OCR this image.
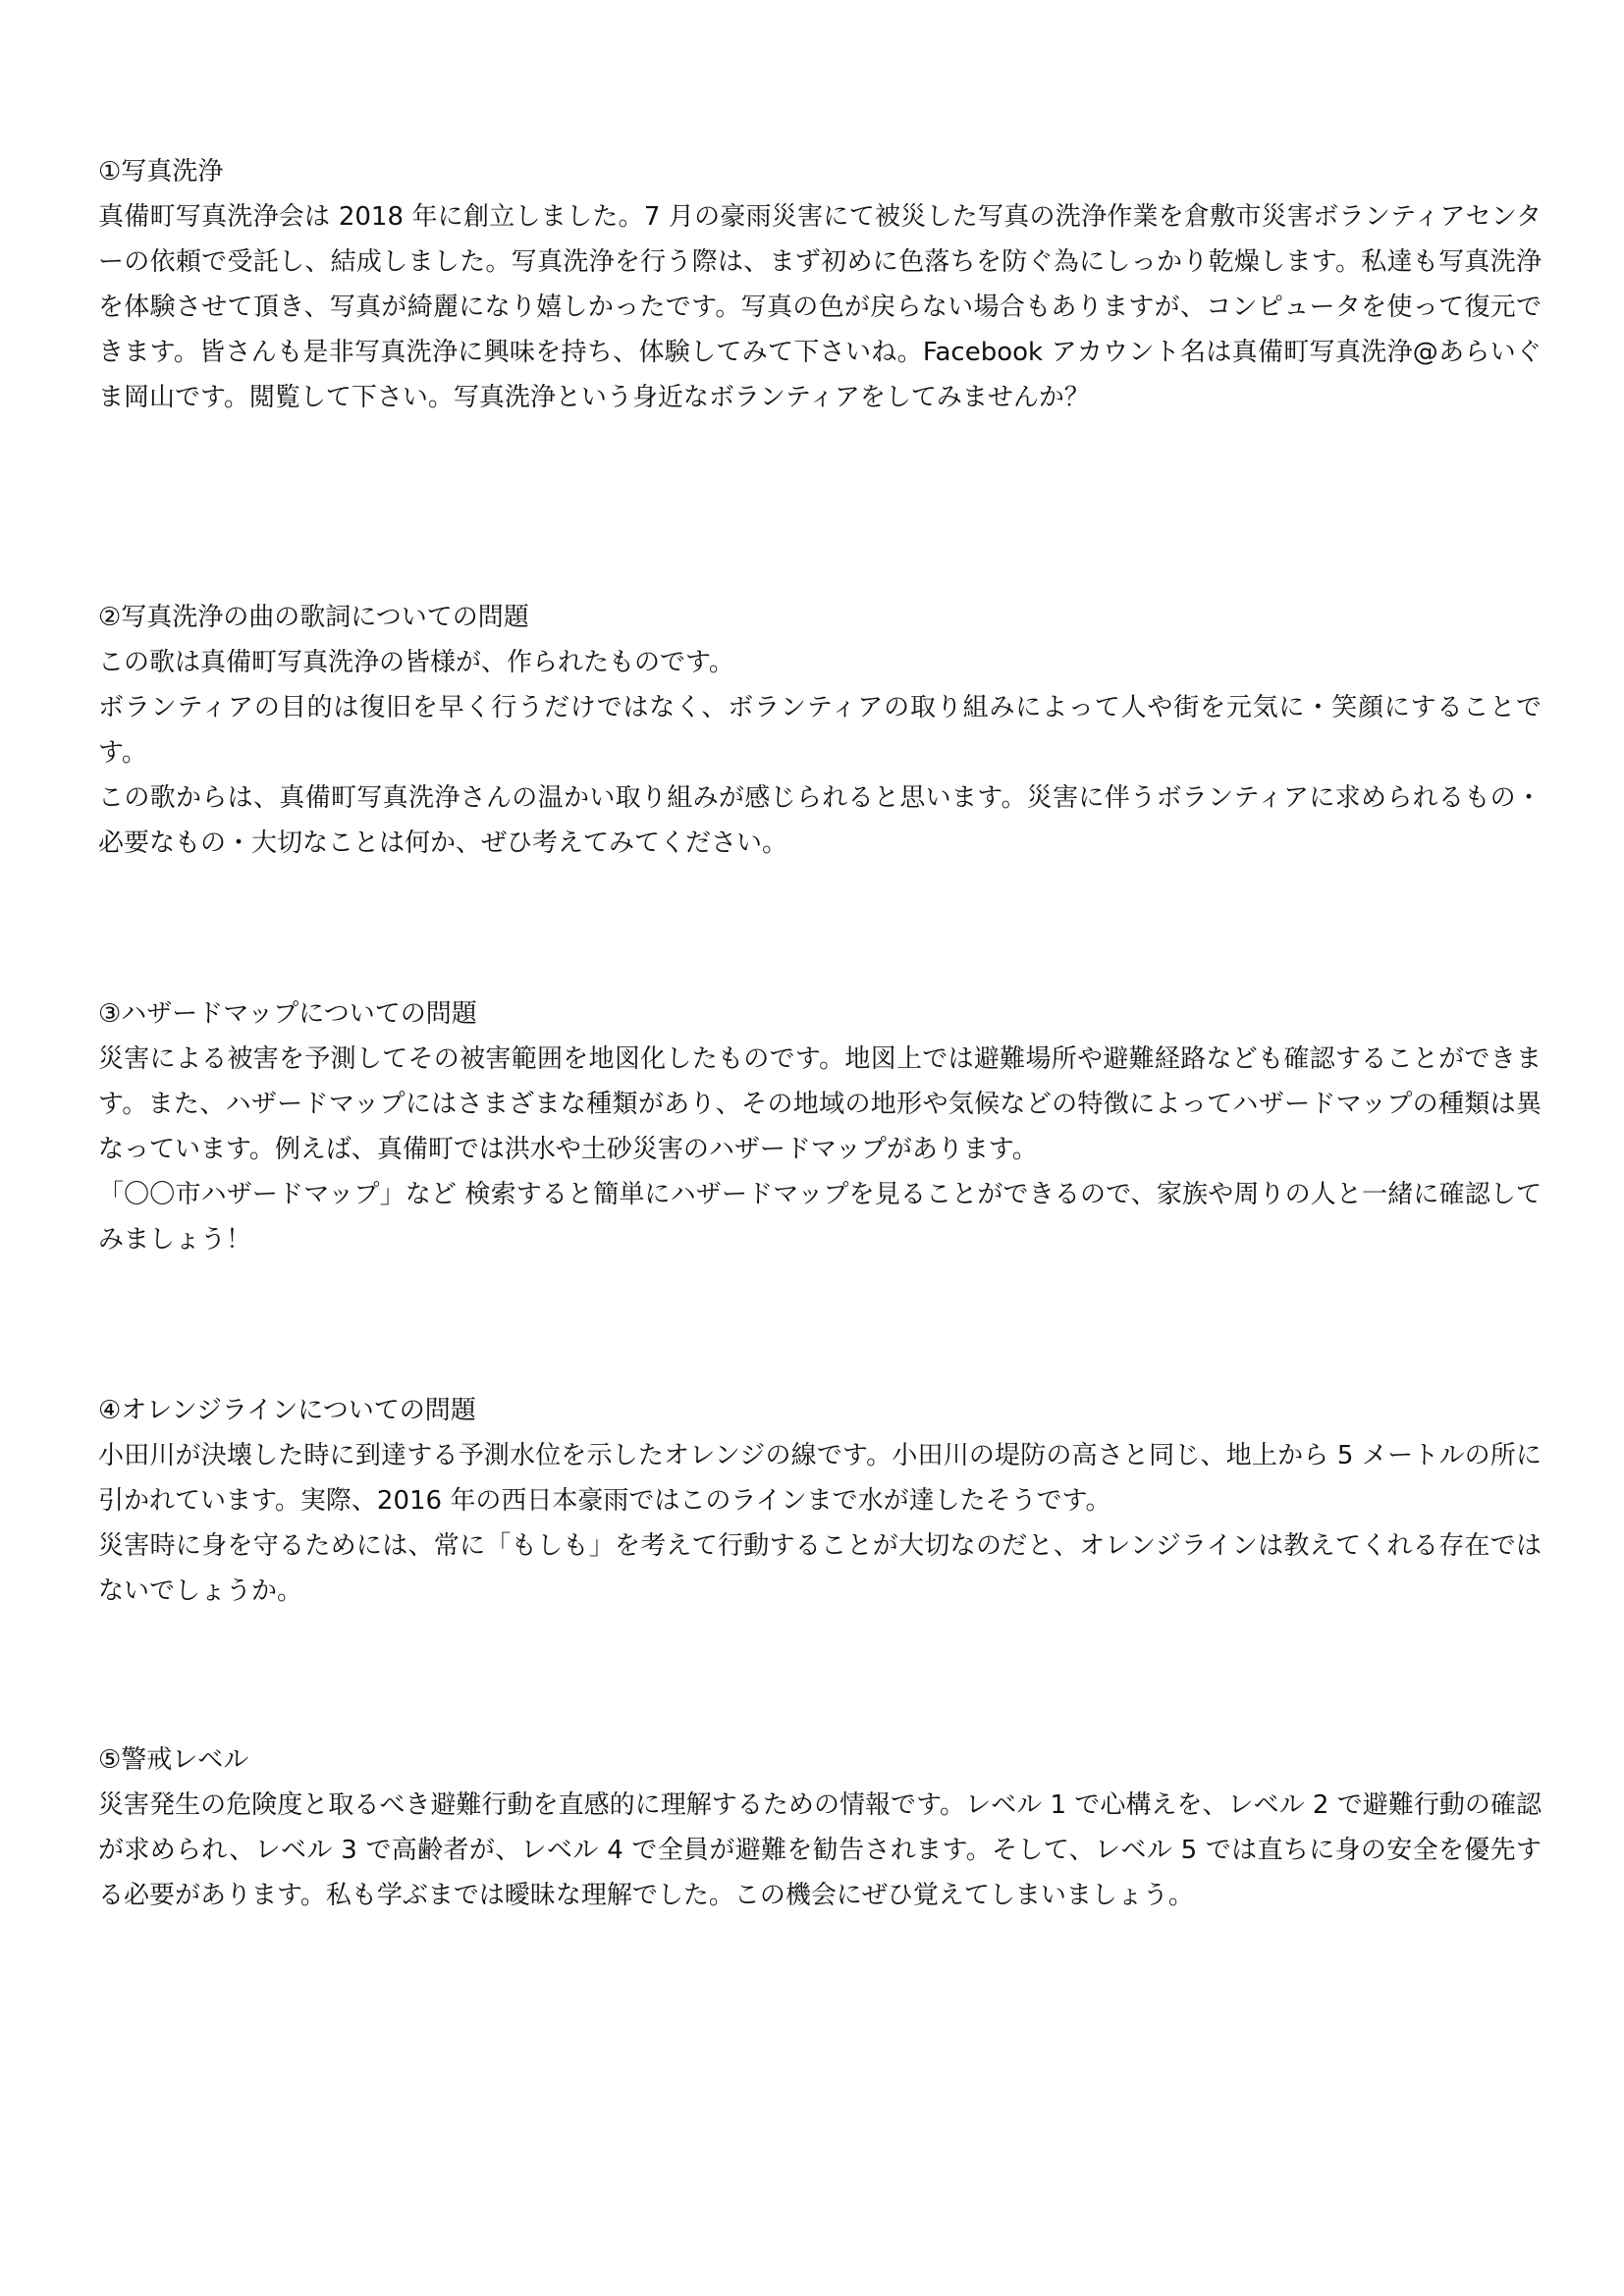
①写真洗浄

真備町写真洗浄会は 2018 年に創立しました。7 月の豪雨災害にて被災した写真の洗浄作業を倉敷市災害ボランティアセンターの依頼で受託し、結成しました。写真洗浄を行う際は、まず初めに色落ちを防ぐ為にしっかり乾燥します。私達も写真洗浄を体験させて頂き、写真が綺麗になり嬉しかったです。写真の色が戻らない場合もありますが、コンピュータを使って復元できます。皆さんも是非写真洗浄に興味を持ち、体験してみて下さいね。Facebook アカウント名は真備町写真洗浄@あらいぐま岡山です。閲覧して下さい。写真洗浄という身近なボランティアをしてみませんか？

②写真洗浄の曲の歌詞についての問題

この歌は真備町写真洗浄の皆様が、作られたものです。

ボランティアの目的は復旧を早く行うだけではなく、ボランティアの取り組みによって人や街を元気に・笑顔にすることです。

この歌からは、真備町写真洗浄さんの温かい取り組みが感じられると思います。災害に伴うボランティアに求められるもの・必要なもの・大切なことは何か、ぜひ考えてみてください。

③ハザードマップについての問題

災害による被害を予測してその被害範囲を地図化したものです。地図上では避難場所や避難経路なども確認することができます。また、ハザードマップにはさまざまな種類があり、その地域の地形や気候などの特徴によってハザードマップの種類は異なっています。例えば、真備町では洪水や土砂災害のハザードマップがあります。

「〇〇市ハザードマップ」など 検索すると簡単にハザードマップを見ることができるので、家族や周りの人と一緒に確認してみましょう！

④オレンジラインについての問題

小田川が決壊した時に到達する予測水位を示したオレンジの線です。小田川の堤防の高さと同じ、地上から 5 メートルの所に引かれています。実際、2016 年の西日本豪雨ではこのラインまで水が達したそうです。

災害時に身を守るためには、常に「もしも」を考えて行動することが大切なのだと、オレンジラインは教えてくれる存在ではないでしょうか。

⑤警戒レベル

災害発生の危険度と取るべき避難行動を直感的に理解するための情報です。レベル 1 で心構えを、レベル 2 で避難行動の確認が求められ、レベル 3 で高齢者が、レベル 4 で全員が避難を勧告されます。そして、レベル 5 では直ちに身の安全を優先する必要があります。私も学ぶまでは曖昧な理解でした。この機会にぜひ覚えてしまいましょう。
